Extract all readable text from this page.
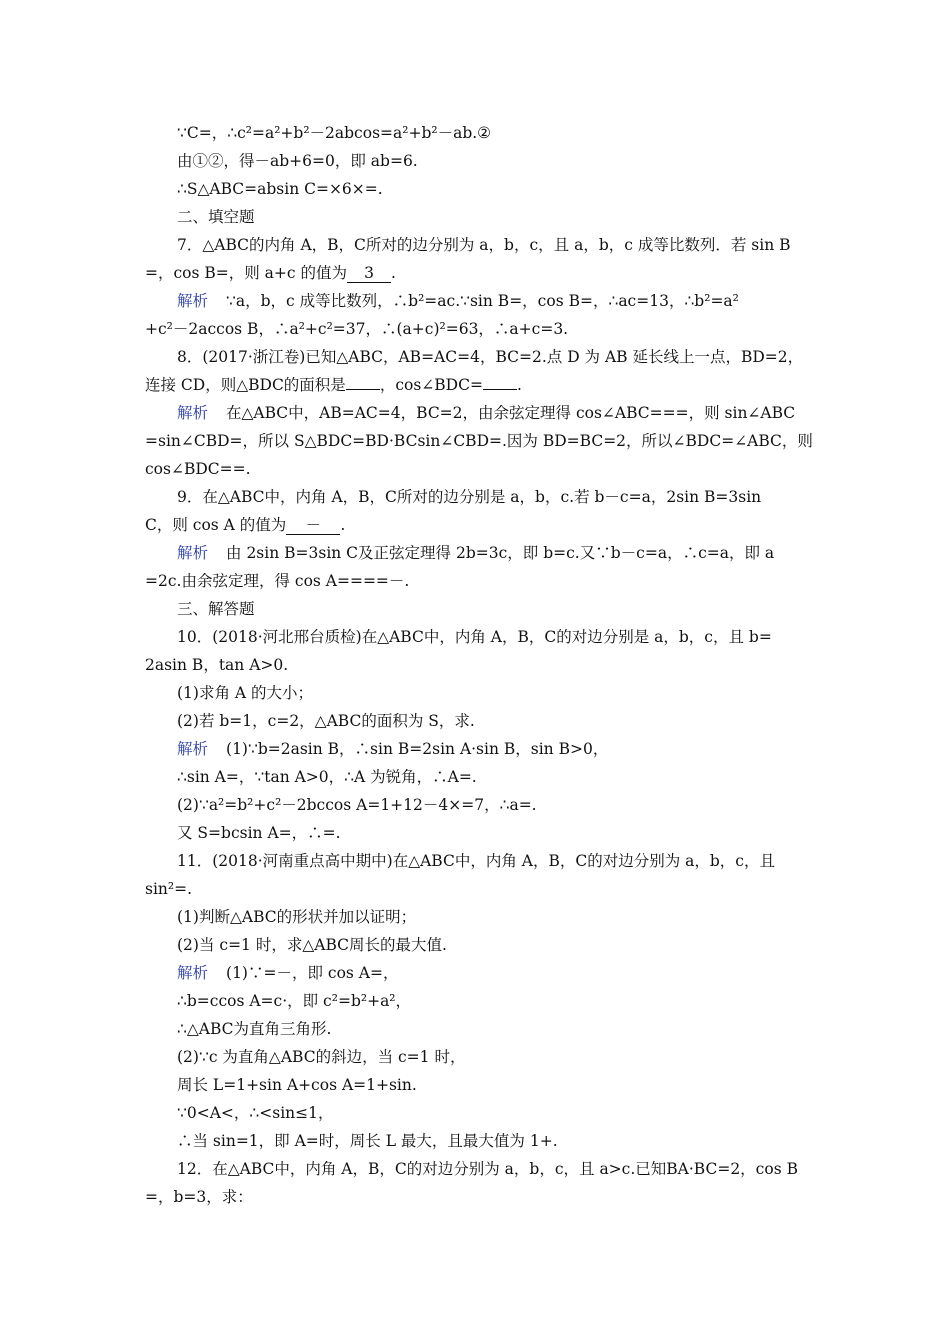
∵C=，∴c²=a²+b²－2abcos=a²+b²－ab.②
由①②，得－ab+6=0，即 ab=6.
∴S△ABC=absin C=×6×=.
二、填空题
7．△ABC的内角 A，B，C所对的边分别为 a，b，c，且 a，b，c 成等比数列．若 sin B
=，cos B=，则 a+c 的值为 3 .
解析 ∵a，b，c 成等比数列，∴b²=ac.∵sin B=，cos B=，∴ac=13，∴b²=a²
+c²－2accos B，∴a²+c²=37，∴(a+c)²=63，∴a+c=3.
8．(2017·浙江卷)已知△ABC，AB=AC=4，BC=2.点 D 为 AB 延长线上一点，BD=2，
连接 CD，则△BDC的面积是 ，cos∠BDC= .
解析 在△ABC中，AB=AC=4，BC=2，由余弦定理得 cos∠ABC===，则 sin∠ABC
=sin∠CBD=，所以 S△BDC=BD·BCsin∠CBD=.因为 BD=BC=2，所以∠BDC=∠ABC，则
cos∠BDC==.
9．在△ABC中，内角 A，B，C所对的边分别是 a，b，c.若 b－c=a，2sin B=3sin
C，则 cos A 的值为 － .
解析 由 2sin B=3sin C及正弦定理得 2b=3c，即 b=c.又∵b－c=a，∴c=a，即 a
=2c.由余弦定理，得 cos A====－.
三、解答题
10．(2018·河北邢台质检)在△ABC中，内角 A，B，C的对边分别是 a，b，c，且 b=
2asin B，tan A>0.
(1)求角 A 的大小；
(2)若 b=1，c=2，△ABC的面积为 S，求.
解析 (1)∵b=2asin B，∴sin B=2sin A·sin B，sin B>0，
∴sin A=，∵tan A>0，∴A 为锐角，∴A=.
(2)∵a²=b²+c²－2bccos A=1+12－4×=7，∴a=.
又 S=bcsin A=，∴=.
11．(2018·河南重点高中期中)在△ABC中，内角 A，B，C的对边分别为 a，b，c，且
sin²=.
(1)判断△ABC的形状并加以证明；
(2)当 c=1 时，求△ABC周长的最大值.
解析 (1)∵=－，即 cos A=，
∴b=ccos A=c·，即 c²=b²+a²，
∴△ABC为直角三角形.
(2)∵c 为直角△ABC的斜边，当 c=1 时，
周长 L=1+sin A+cos A=1+sin.
∵0<A<，∴<sin≤1，
∴当 sin=1，即 A=时，周长 L 最大，且最大值为 1+.
12．在△ABC中，内角 A，B，C的对边分别为 a，b，c，且 a>c.已知BA·BC=2，cos B
=，b=3，求：
